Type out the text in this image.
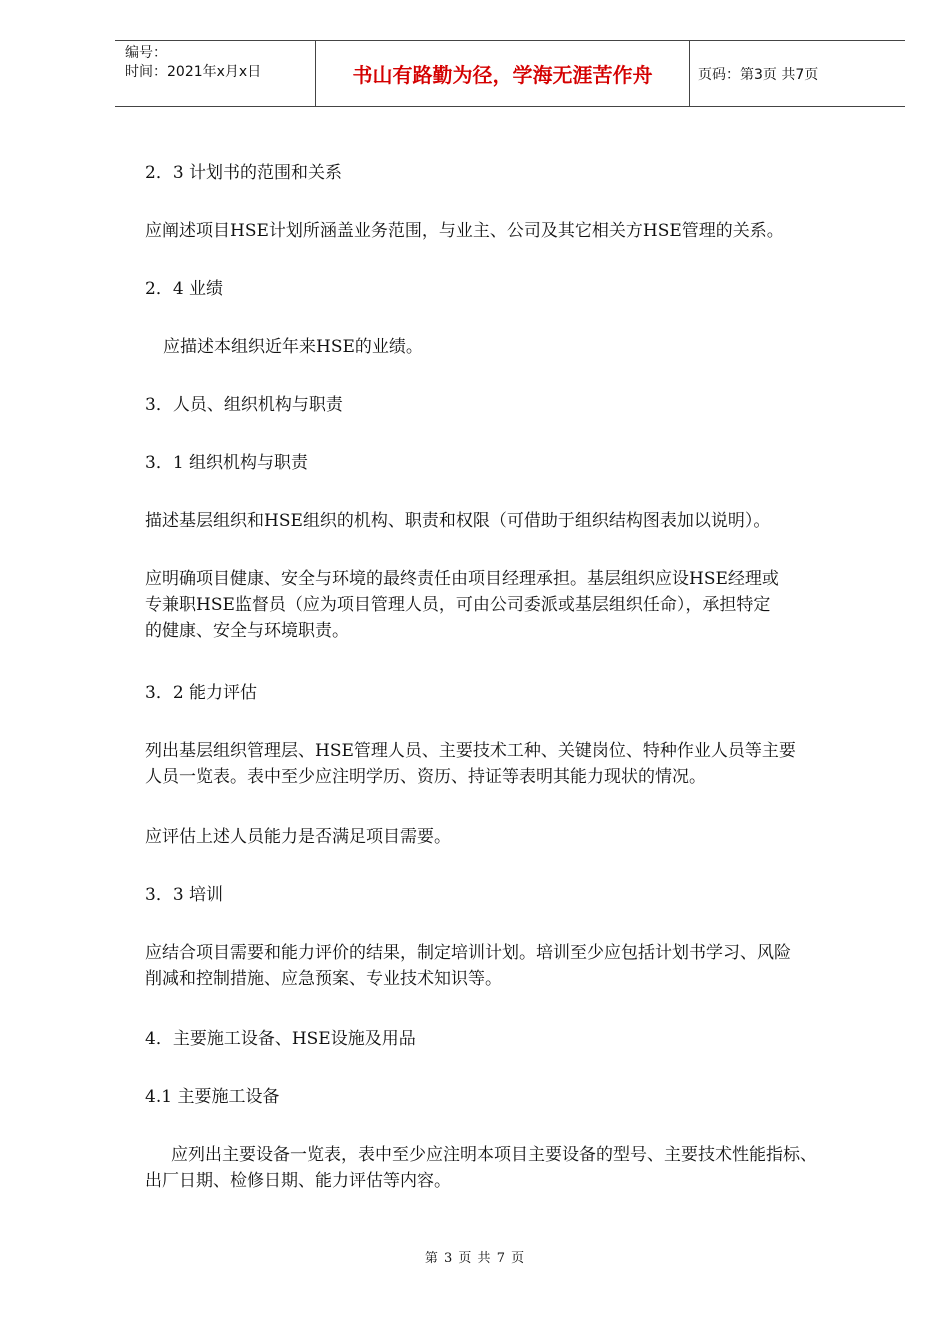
编号：
时间：2021年x月x日	书山有路勤为径，学海无涯苦作舟	页码：第3页 共7页

2．3 计划书的范围和关系

应阐述项目HSE计划所涵盖业务范围，与业主、公司及其它相关方HSE管理的关系。

2．4 业绩

应描述本组织近年来HSE的业绩。

3．人员、组织机构与职责

3．1 组织机构与职责

描述基层组织和HSE组织的机构、职责和权限（可借助于组织结构图表加以说明）。

应明确项目健康、安全与环境的最终责任由项目经理承担。基层组织应设HSE经理或

专兼职HSE监督员（应为项目管理人员，可由公司委派或基层组织任命），承担特定

的健康、安全与环境职责。

3．2 能力评估

列出基层组织管理层、HSE管理人员、主要技术工种、关键岗位、特种作业人员等主要

人员一览表。表中至少应注明学历、资历、持证等表明其能力现状的情况。

应评估上述人员能力是否满足项目需要。

3．3 培训

应结合项目需要和能力评价的结果，制定培训计划。培训至少应包括计划书学习、风险

削减和控制措施、应急预案、专业技术知识等。

4．主要施工设备、HSE设施及用品

4.1 主要施工设备

应列出主要设备一览表，表中至少应注明本项目主要设备的型号、主要技术性能指标、

出厂日期、检修日期、能力评估等内容。

第 3 页 共 7 页
